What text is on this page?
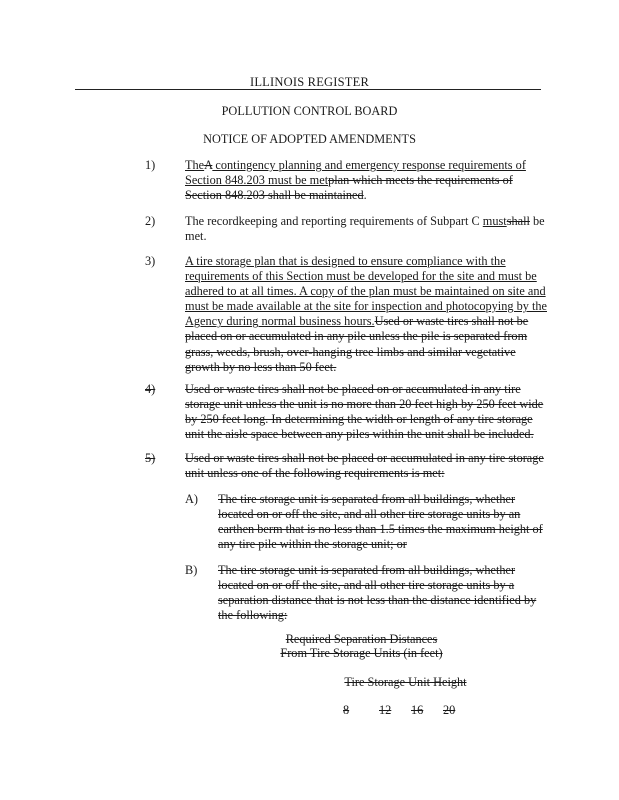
ILLINOIS REGISTER
POLLUTION CONTROL BOARD
NOTICE OF ADOPTED AMENDMENTS
1) TheA contingency planning and emergency response requirements of Section 848.203 must be metplan which meets the requirements of Section 848.203 shall be maintained.
2) The recordkeeping and reporting requirements of Subpart C mustshall be met.
3) A tire storage plan that is designed to ensure compliance with the requirements of this Section must be developed for the site and must be adhered to at all times. A copy of the plan must be maintained on site and must be made available at the site for inspection and photocopying by the Agency during normal business hours.Used or waste tires shall not be placed on or accumulated in any pile unless the pile is separated from grass, weeds, brush, over-hanging tree limbs and similar vegetative growth by no less than 50 feet.
4) Used or waste tires shall not be placed on or accumulated in any tire storage unit unless the unit is no more than 20 feet high by 250 feet wide by 250 feet long. In determining the width or length of any tire storage unit the aisle space between any piles within the unit shall be included.
5) Used or waste tires shall not be placed or accumulated in any tire storage unit unless one of the following requirements is met:
A) The tire storage unit is separated from all buildings, whether located on or off the site, and all other tire storage units by an earthen berm that is no less than 1.5 times the maximum height of any tire pile within the storage unit; or
B) The tire storage unit is separated from all buildings, whether located on or off the site, and all other tire storage units by a separation distance that is not less than the distance identified by the following:
Required Separation Distances
From Tire Storage Units (in feet)
Tire Storage Unit Height
8 12 16 20
